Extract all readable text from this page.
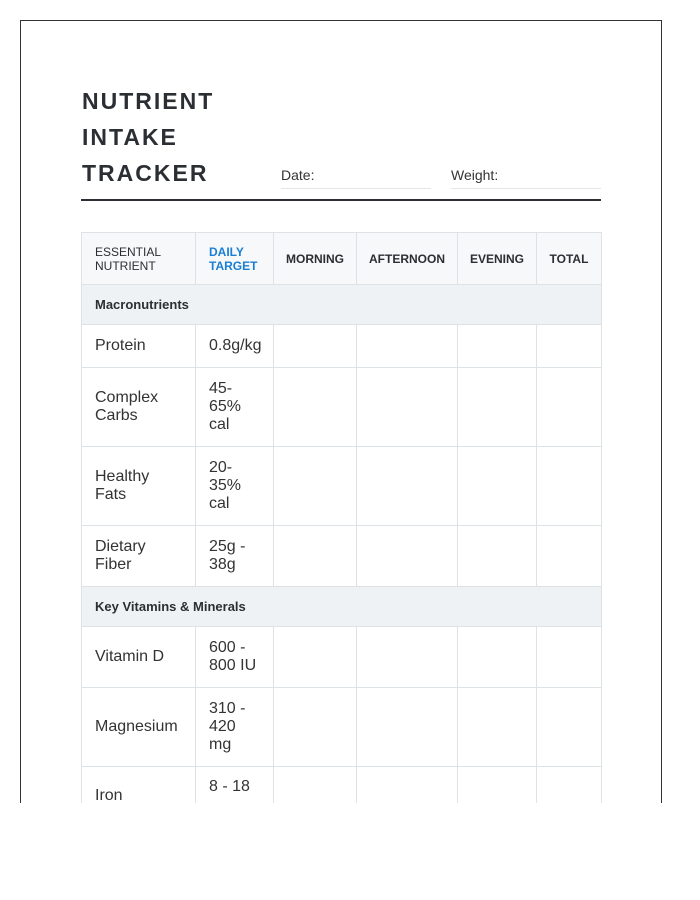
NUTRIENT
INTAKE
TRACKER	Date:	Weight:
ESSENTIAL NUTRIENT	DAILY TARGET	MORNING	AFTERNOON	EVENING	TOTAL
Macronutrients					
Protein	0.8g/kg				
Complex Carbs	45-65% cal				
Healthy Fats	20-35% cal				
Dietary Fiber	25g - 38g				
Key Vitamins & Minerals					
Vitamin D	600 - 800 IU				
Magnesium	310 - 420 mg				
Iron	8 - 18				
